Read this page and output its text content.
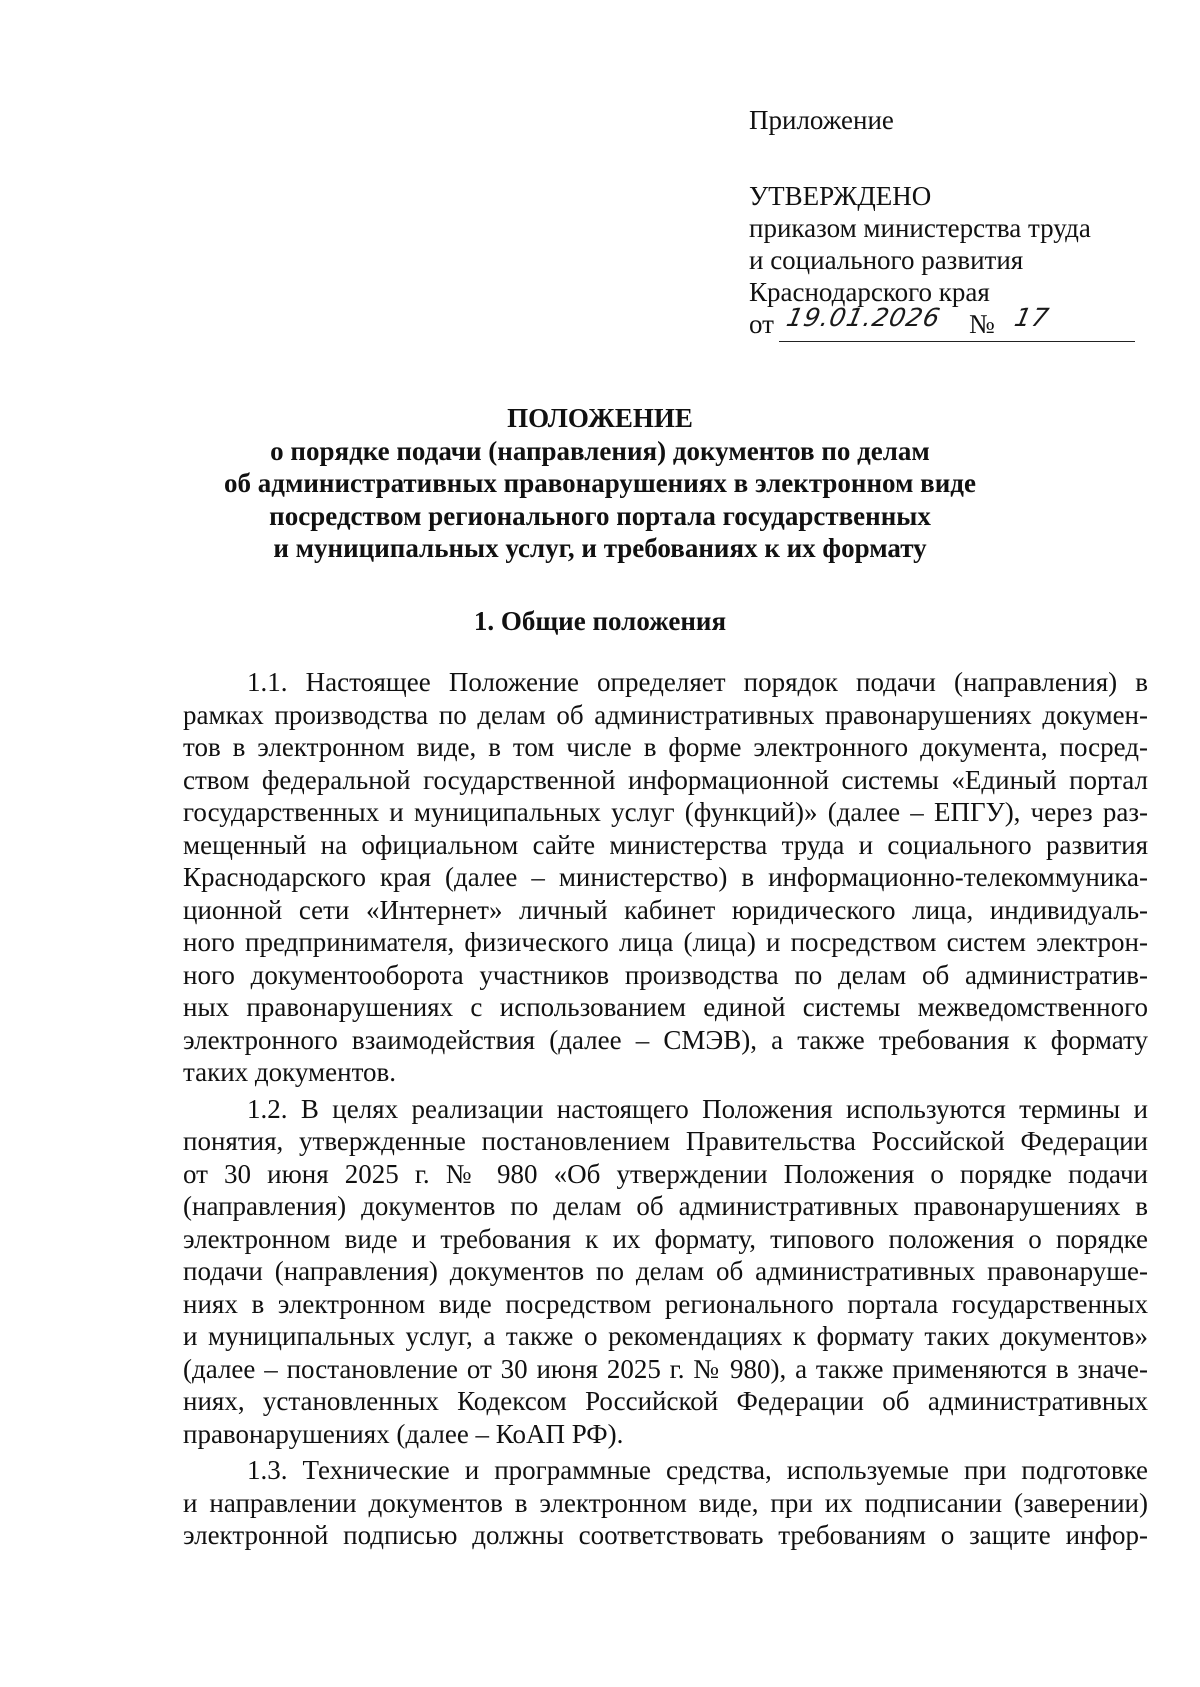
Приложение
УТВЕРЖДЕНО
приказом министерства труда
и социального развития
Краснодарского края
от 19.01.2026 № 17
ПОЛОЖЕНИЕ
о порядке подачи (направления) документов по делам
об административных правонарушениях в электронном виде
посредством регионального портала государственных
и муниципальных услуг, и требованиях к их формату
1. Общие положения
1.1. Настоящее Положение определяет порядок подачи (направления) в
рамках производства по делам об административных правонарушениях докумен-
тов в электронном виде, в том числе в форме электронного документа, посред-
ством федеральной государственной информационной системы «Единый портал
государственных и муниципальных услуг (функций)» (далее – ЕПГУ), через раз-
мещенный на официальном сайте министерства труда и социального развития
Краснодарского края (далее – министерство) в информационно-телекоммуника-
ционной сети «Интернет» личный кабинет юридического лица, индивидуаль-
ного предпринимателя, физического лица (лица) и посредством систем электрон-
ного документооборота участников производства по делам об административ-
ных правонарушениях с использованием единой системы межведомственного
электронного взаимодействия (далее – СМЭВ), а также требования к формату
таких документов.
1.2. В целях реализации настоящего Положения используются термины и
понятия, утвержденные постановлением Правительства Российской Федерации
от 30 июня 2025 г. № 980 «Об утверждении Положения о порядке подачи
(направления) документов по делам об административных правонарушениях в
электронном виде и требования к их формату, типового положения о порядке
подачи (направления) документов по делам об административных правонаруше-
ниях в электронном виде посредством регионального портала государственных
и муниципальных услуг, а также о рекомендациях к формату таких документов»
(далее – постановление от 30 июня 2025 г. № 980), а также применяются в значе-
ниях, установленных Кодексом Российской Федерации об административных
правонарушениях (далее – КоАП РФ).
1.3. Технические и программные средства, используемые при подготовке
и направлении документов в электронном виде, при их подписании (заверении)
электронной подписью должны соответствовать требованиям о защите инфор-
